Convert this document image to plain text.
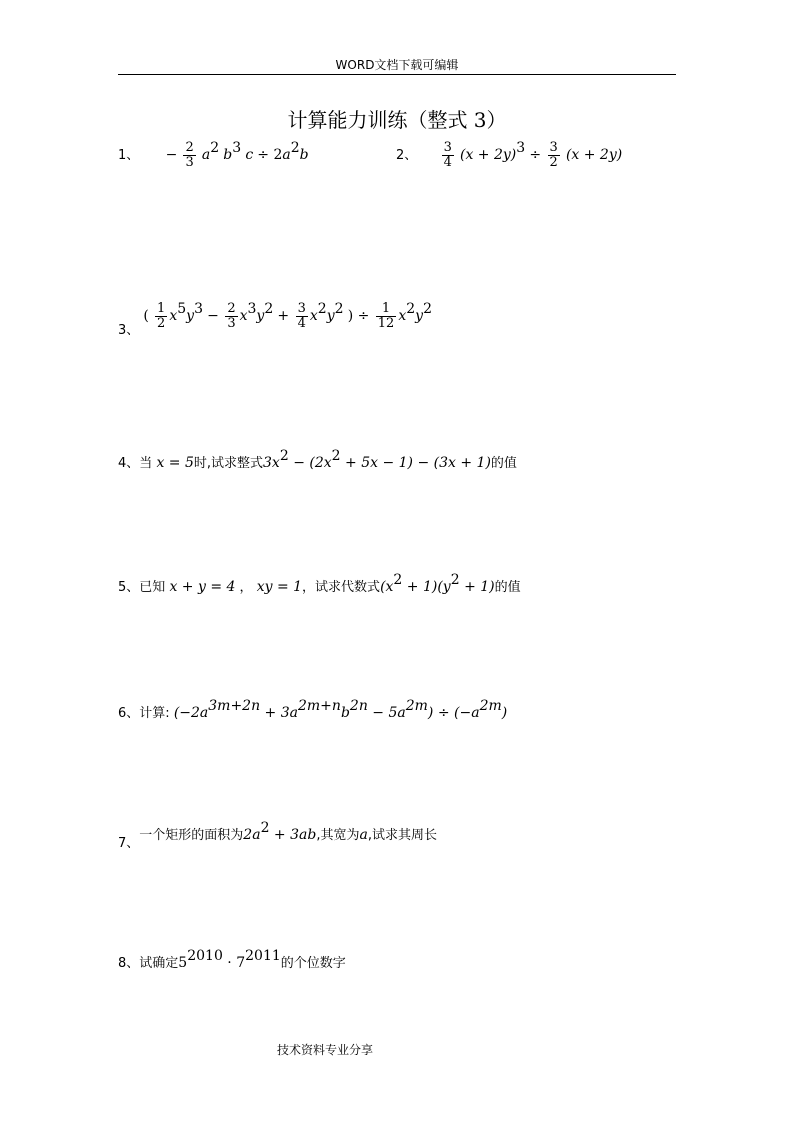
WORD文档下载可编辑
计算能力训练（整式 3）
1、 − $\frac{2}{3} a^2$ $b^3$ $c \div 2a^2b$	2、 $\frac{3}{4} (x + 2y)^3 \div \frac{3}{2} (x + 2y)$
3、 ( $\frac{1}{2} x^5y^3 - \frac{2}{3} x^3y^2 + \frac{3}{4} x^2y^2$ ) ÷ $\frac{1}{12} x^2y^2$
4、当 x = 5时,试求整式$3x^2 - (2x^2 + 5x - 1) - (3x + 1)$的值
5、已知 x + y = 4 ， xy = 1，试求代数式$(x^2 + 1)(y^2 + 1)$的值
6、计算: $(-2a^{3m+2n} + 3a^{2m+n}b^{2n} - 5a^{2m}) \div (-a^{2m})$
7、一个矩形的面积为$2a^2 + 3ab$,其宽为a,试求其周长
8、试确定$5^{2010} \cdot 7^{2011}$的个位数字
技术资料专业分享
